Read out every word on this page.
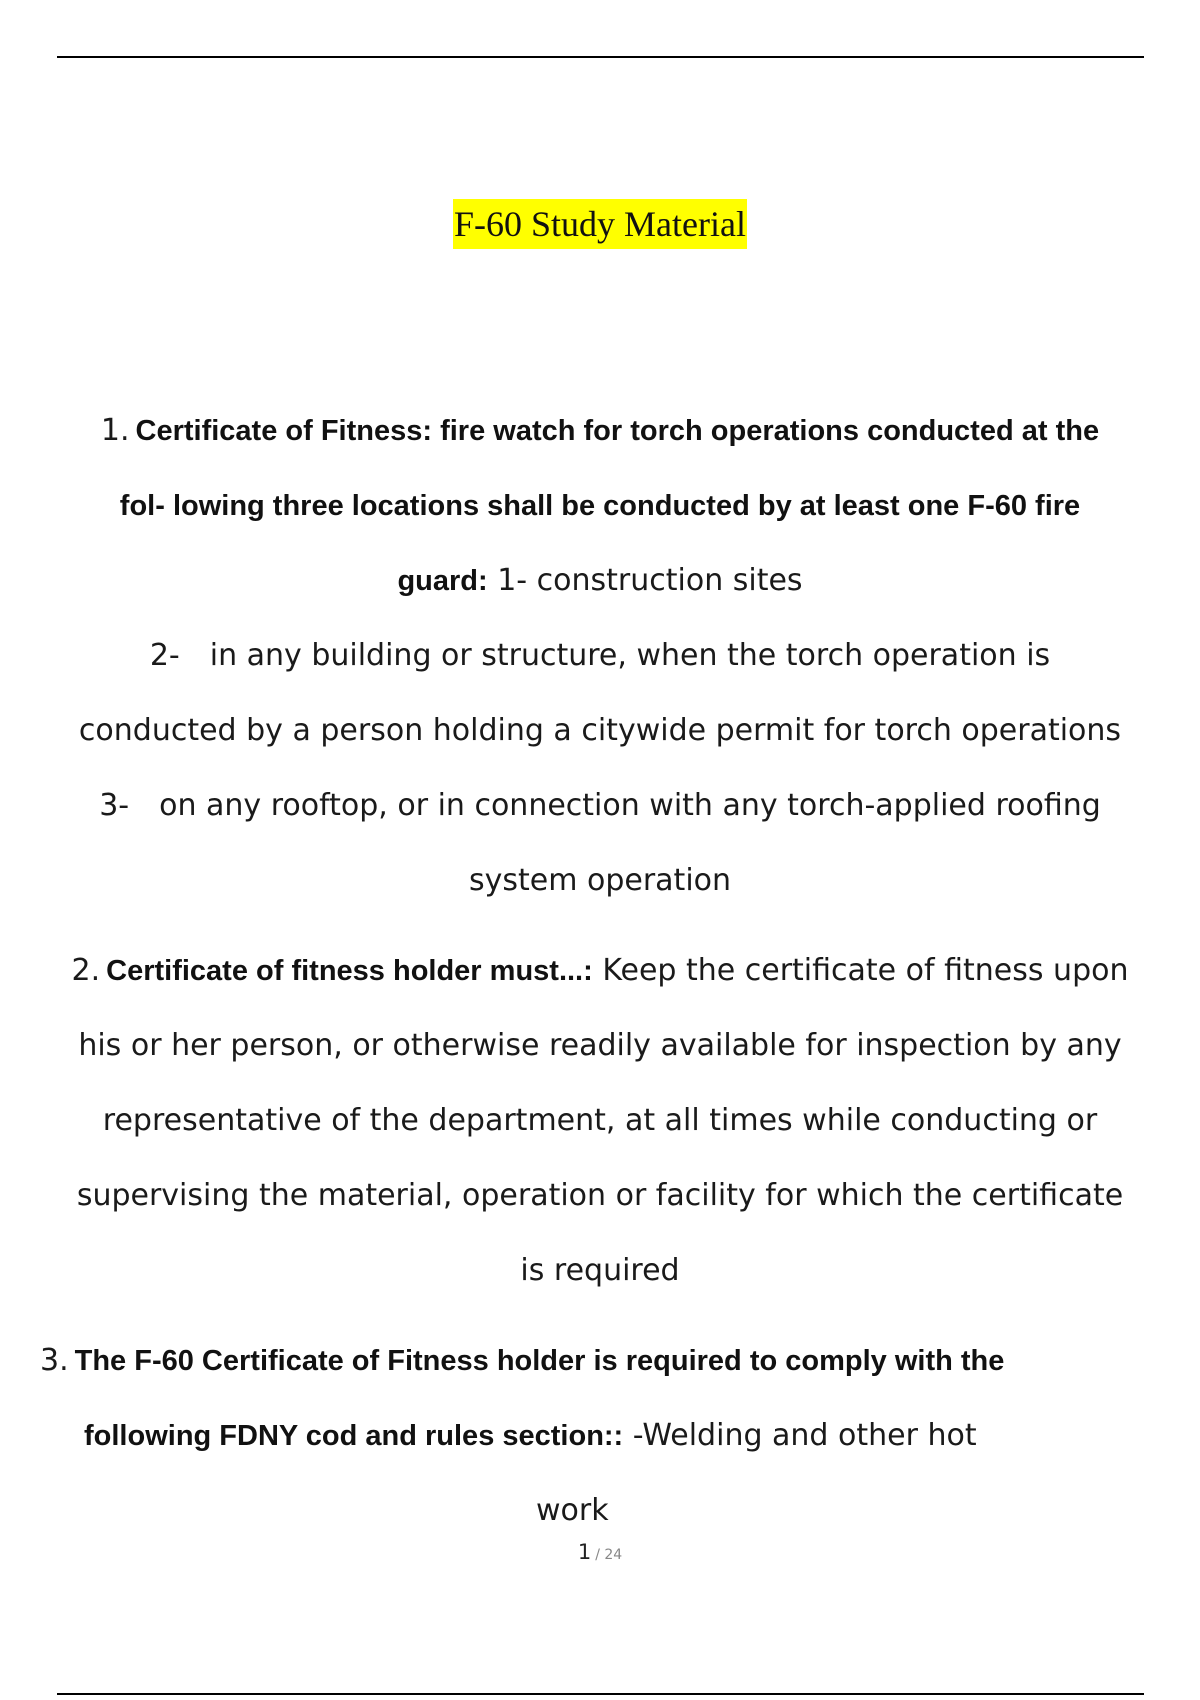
F-60 Study Material
1. Certificate of Fitness: fire watch for torch operations conducted at the
fol- lowing three locations shall be conducted by at least one F-60 fire
guard: 1- construction sites
2- in any building or structure, when the torch operation is
conducted by a person holding a citywide permit for torch operations
3- on any rooftop, or in connection with any torch-applied roofing
system operation
2. Certificate of fitness holder must...: Keep the certificate of fitness upon
his or her person, or otherwise readily available for inspection by any
representative of the department, at all times while conducting or
supervising the material, operation or facility for which the certificate
is required
3. The F-60 Certificate of Fitness holder is required to comply with the
following FDNY cod and rules section:: -Welding and other hot
work
1 / 24
